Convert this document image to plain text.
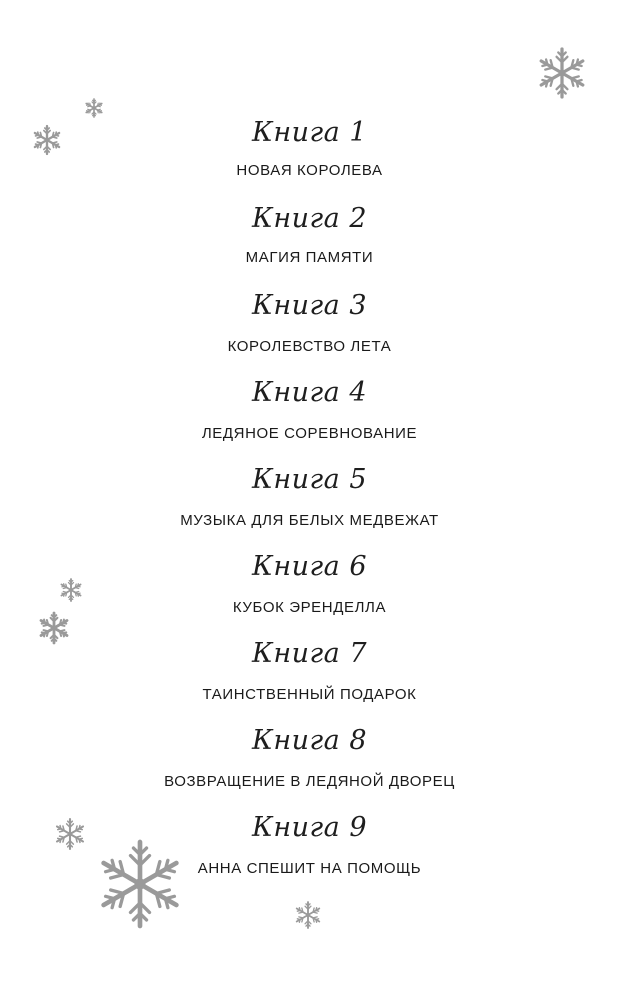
Книга 1
НОВАЯ КОРОЛЕВА
Книга 2
МАГИЯ ПАМЯТИ
Книга 3
КОРОЛЕВСТВО ЛЕТА
Книга 4
ЛЕДЯНОЕ СОРЕВНОВАНИЕ
Книга 5
МУЗЫКА ДЛЯ БЕЛЫХ МЕДВЕЖАТ
Книга 6
КУБОК ЭРЕНДЕЛЛА
Книга 7
ТАИНСТВЕННЫЙ ПОДАРОК
Книга 8
ВОЗВРАЩЕНИЕ В ЛЕДЯНОЙ ДВОРЕЦ
Книга 9
АННА СПЕШИТ НА ПОМОЩЬ
